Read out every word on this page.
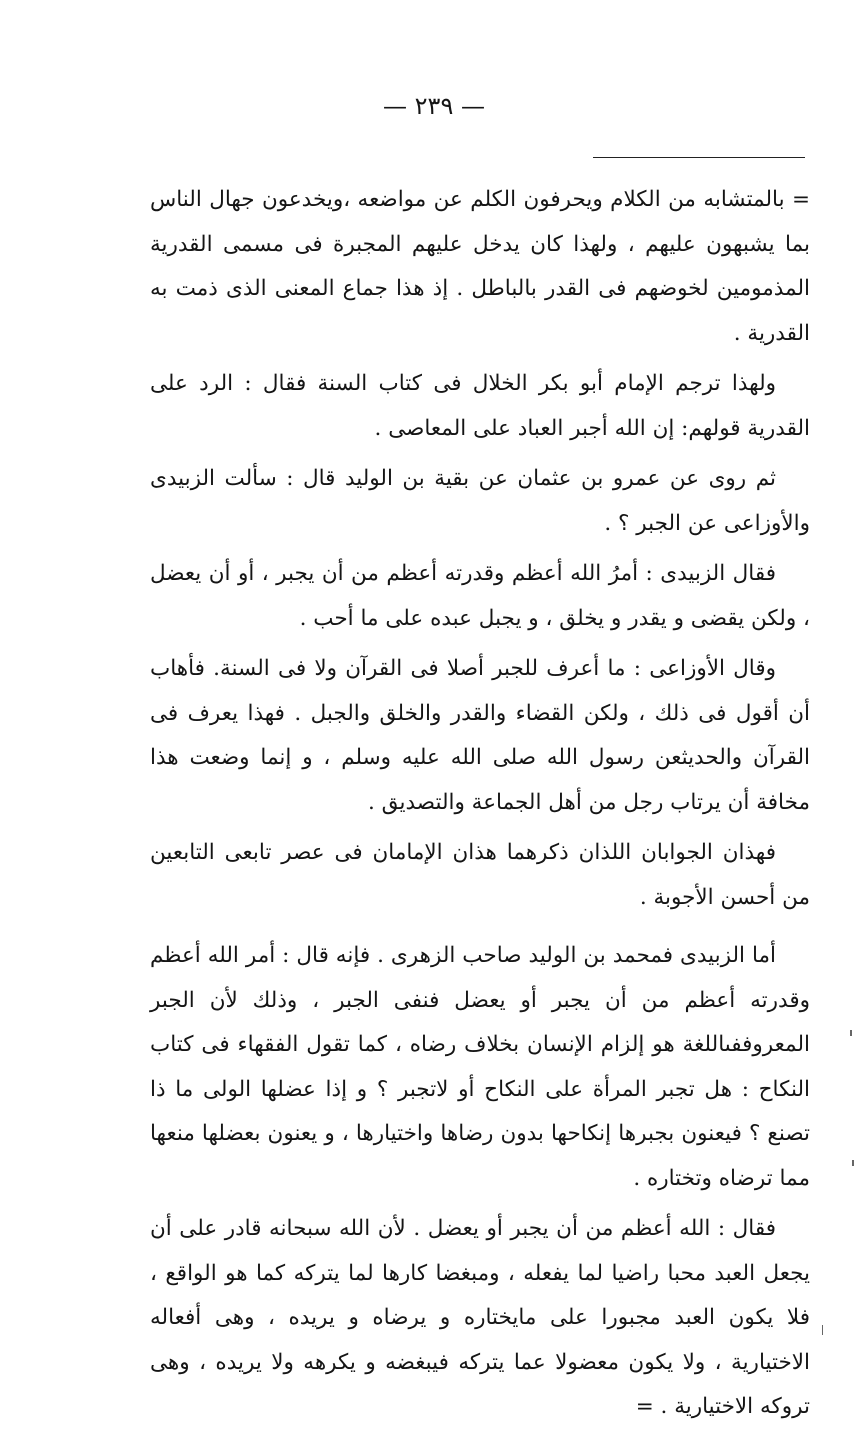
— ٢٣٩ —

= بالمتشابه من الكلام ويحرفون الكلم عن مواضعه ،ويخدعون جهال الناس بما يشبهون عليهم ، ولهذا كان يدخل عليهم المجبرة فى مسمى القدرية المذمومين لخوضهم فى القدر بالباطل . إذ هذا جماع المعنى الذى ذمت به القدرية .

ولهذا ترجم الإمام أبو بكر الخلال فى كتاب السنة فقال : الرد على القدرية قولهم: إن الله أجبر العباد على المعاصى .

ثم روى عن عمرو بن عثمان عن بقية بن الوليد قال : سألت الزبيدى والأوزاعى عن الجبر ؟ .

فقال الزبيدى : أمرُ الله أعظم وقدرته أعظم من أن يجبر ، أو أن يعضل ، ولكن يقضى و يقدر و يخلق ، و يجبل عبده على ما أحب .

وقال الأوزاعى : ما أعرف للجبر أصلا فى القرآن ولا فى السنة. فأهاب أن أقول فى ذلك ، ولكن القضاء والقدر والخلق والجبل . فهذا يعرف فى القرآن والحديثعن رسول الله صلى الله عليه وسلم ، و إنما وضعت هذا مخافة أن يرتاب رجل من أهل الجماعة والتصديق .

فهذان الجوابان اللذان ذكرهما هذان الإمامان فى عصر تابعى التابعين من أحسن الأجوبة .

أما الزبيدى فمحمد بن الوليد صاحب الزهرى . فإنه قال : أمر الله أعظم وقدرته أعظم من أن يجبر أو يعضل فنفى الجبر ، وذلك لأن الجبر المعروففىاللغة هو إلزام الإنسان بخلاف رضاه ، كما تقول الفقهاء فى كتاب النكاح : هل تجبر المرأة على النكاح أو لاتجبر ؟ و إذا عضلها الولى ما ذا تصنع ؟ فيعنون بجبرها إنكاحها بدون رضاها واختيارها ، و يعنون بعضلها منعها مما ترضاه وتختاره .

فقال : الله أعظم من أن يجبر أو يعضل . لأن الله سبحانه قادر على أن يجعل العبد محبا راضيا لما يفعله ، ومبغضا كارها لما يتركه كما هو الواقع ، فلا يكون العبد مجبورا على مايختاره و يرضاه و يريده ، وهى أفعاله الاختيارية ، ولا يكون معضولا عما يتركه فيبغضه و يكرهه ولا يريده ، وهى تروكه الاختيارية . =
